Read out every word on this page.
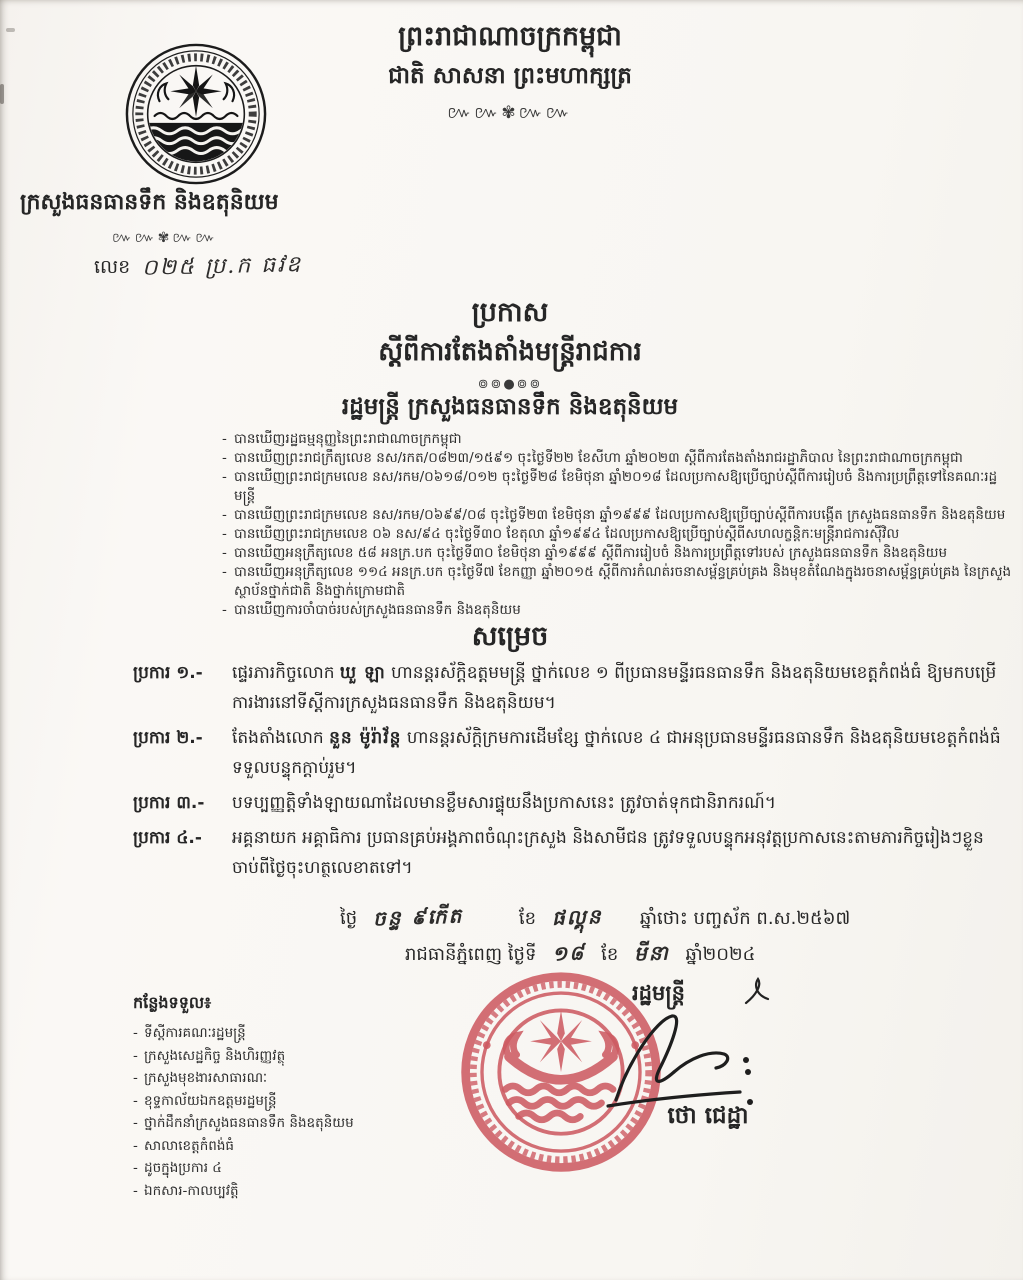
ព្រះរាជាណាចក្រកម្ពុជា
ជាតិ សាសនា ព្រះមហាក្សត្រ
៚៚✾៚៚
ក្រសួងធនធានទឹក និងឧតុនិយម
៚៚✾៚៚
លេខ ០២៥ ប្រ.ក ធវឧ
ប្រកាស
ស្តីពីការតែងតាំងមន្ត្រីរាជការ
៙៙●៙៙
រដ្ឋមន្ត្រី ក្រសួងធនធានទឹក និងឧតុនិយម
- បានឃើញរដ្ឋធម្មនុញ្ញនៃព្រះរាជាណាចក្រកម្ពុជា
- បានឃើញព្រះរាជក្រឹត្យលេខ នស/រកត/០៨២៣/១៥៩១ ចុះថ្ងៃទី២២ ខែសីហា ឆ្នាំ២០២៣ ស្តីពីការតែងតាំងរាជរដ្ឋាភិបាល នៃព្រះរាជាណាចក្រកម្ពុជា
- បានឃើញព្រះរាជក្រមលេខ នស/រកម/០៦១៨/០១២ ចុះថ្ងៃទី២៨ ខែមិថុនា ឆ្នាំ២០១៨ ដែលប្រកាសឱ្យប្រើច្បាប់ស្តីពីការរៀបចំ និងការប្រព្រឹត្តទៅនៃគណៈរដ្ឋមន្ត្រី
- បានឃើញព្រះរាជក្រមលេខ នស/រកម/០៦៩៩/០៨ ចុះថ្ងៃទី២៣ ខែមិថុនា ឆ្នាំ១៩៩៩ ដែលប្រកាសឱ្យប្រើច្បាប់ស្តីពីការបង្កើត ក្រសួងធនធានទឹក និងឧតុនិយម
- បានឃើញព្រះរាជក្រមលេខ ០៦ នស/៩៤ ចុះថ្ងៃទី៣០ ខែតុលា ឆ្នាំ១៩៩៤ ដែលប្រកាសឱ្យប្រើច្បាប់ស្តីពីសហលក្ខន្តិកៈមន្ត្រីរាជការស៊ីវិល
- បានឃើញអនុក្រឹត្យលេខ ៥៨ អនក្រ.បក ចុះថ្ងៃទី៣០ ខែមិថុនា ឆ្នាំ១៩៩៩ ស្តីពីការរៀបចំ និងការប្រព្រឹត្តទៅរបស់ ក្រសួងធនធានទឹក និងឧតុនិយម
- បានឃើញអនុក្រឹត្យលេខ ១១៤ អនក្រ.បក ចុះថ្ងៃទី៧ ខែកញ្ញា ឆ្នាំ២០១៥ ស្តីពីការកំណត់រចនាសម្ព័ន្ធគ្រប់គ្រង និងមុខតំណែងក្នុងរចនាសម្ព័ន្ធគ្រប់គ្រង នៃក្រសួង ស្ថាប័នថ្នាក់ជាតិ និងថ្នាក់ក្រោមជាតិ
- បានឃើញការចាំបាច់របស់ក្រសួងធនធានទឹក និងឧតុនិយម
សម្រេច
ប្រការ ១.-	ផ្ទេរភារកិច្ចលោក ឃួ ឡា ហានន្តរស័ក្តិឧត្តមមន្ត្រី ថ្នាក់លេខ ១ ពីប្រធានមន្ទីរធនធានទឹក និងឧតុនិយមខេត្តកំពង់ធំ ឱ្យមកបម្រើការងារនៅទីស្តីការក្រសួងធនធានទឹក និងឧតុនិយម។
ប្រការ ២.-	តែងតាំងលោក នួន ម៉ូរ៉ាវ័ន្ត ហានន្តរស័ក្តិក្រមការដើមខ្សែ ថ្នាក់លេខ ៤ ជាអនុប្រធានមន្ទីរធនធានទឹក និងឧតុនិយមខេត្តកំពង់ធំ ទទួលបន្ទុកក្តាប់រួម។
ប្រការ ៣.-	បទប្បញ្ញត្តិទាំងឡាយណាដែលមានខ្លឹមសារផ្ទុយនឹងប្រកាសនេះ ត្រូវចាត់ទុកជានិរាករណ៍។
ប្រការ ៤.-	អគ្គនាយក អគ្គាធិការ ប្រធានគ្រប់អង្គភាពចំណុះក្រសួង និងសាមីជន ត្រូវទទួលបន្ទុកអនុវត្តប្រកាសនេះតាមភារកិច្ចរៀងៗខ្លួន ចាប់ពីថ្ងៃចុះហត្ថលេខាតទៅ។
ថ្ងៃ ចន្ទ ៩កើត	ខែ ផល្គុន ឆ្នាំថោះ បញ្ចស័ក ព.ស.២៥៦៧
រាជធានីភ្នំពេញ ថ្ងៃទី ១៨ ខែ មីនា ឆ្នាំ២០២៤
រដ្ឋមន្ត្រី
ថោ ជេដ្ឋា
កន្លែងទទួល៖
- ទីស្តីការគណៈរដ្ឋមន្ត្រី
- ក្រសួងសេដ្ឋកិច្ច និងហិរញ្ញវត្ថុ
- ក្រសួងមុខងារសាធារណៈ
- ខុទ្ទកាល័យឯកឧត្តមរដ្ឋមន្ត្រី
- ថ្នាក់ដឹកនាំក្រសួងធនធានទឹក និងឧតុនិយម
- សាលាខេត្តកំពង់ធំ
- ដូចក្នុងប្រការ ៤
- ឯកសារ-កាលប្បវត្តិ
